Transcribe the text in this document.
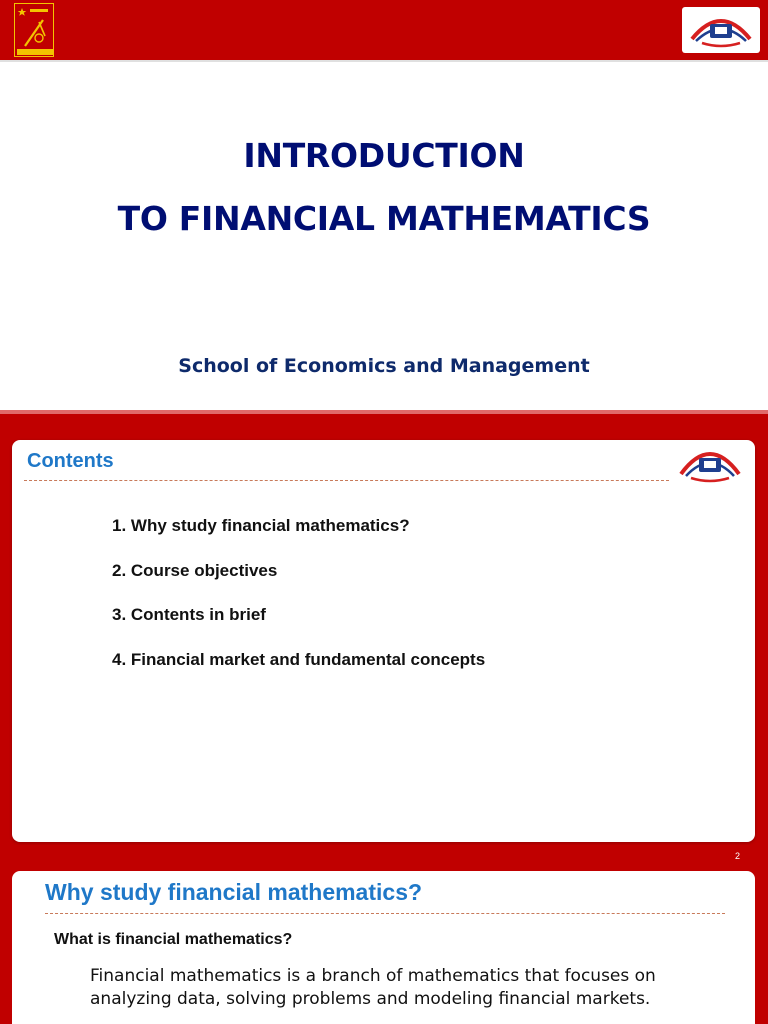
INTRODUCTION
TO FINANCIAL MATHEMATICS
School of Economics and Management
Contents
1. Why study financial mathematics?
2. Course objectives
3. Contents in brief
4. Financial market and fundamental concepts
2
Why study financial mathematics?
What is financial mathematics?
Financial mathematics is a branch of mathematics that focuses on analyzing data, solving problems and modeling financial markets.
